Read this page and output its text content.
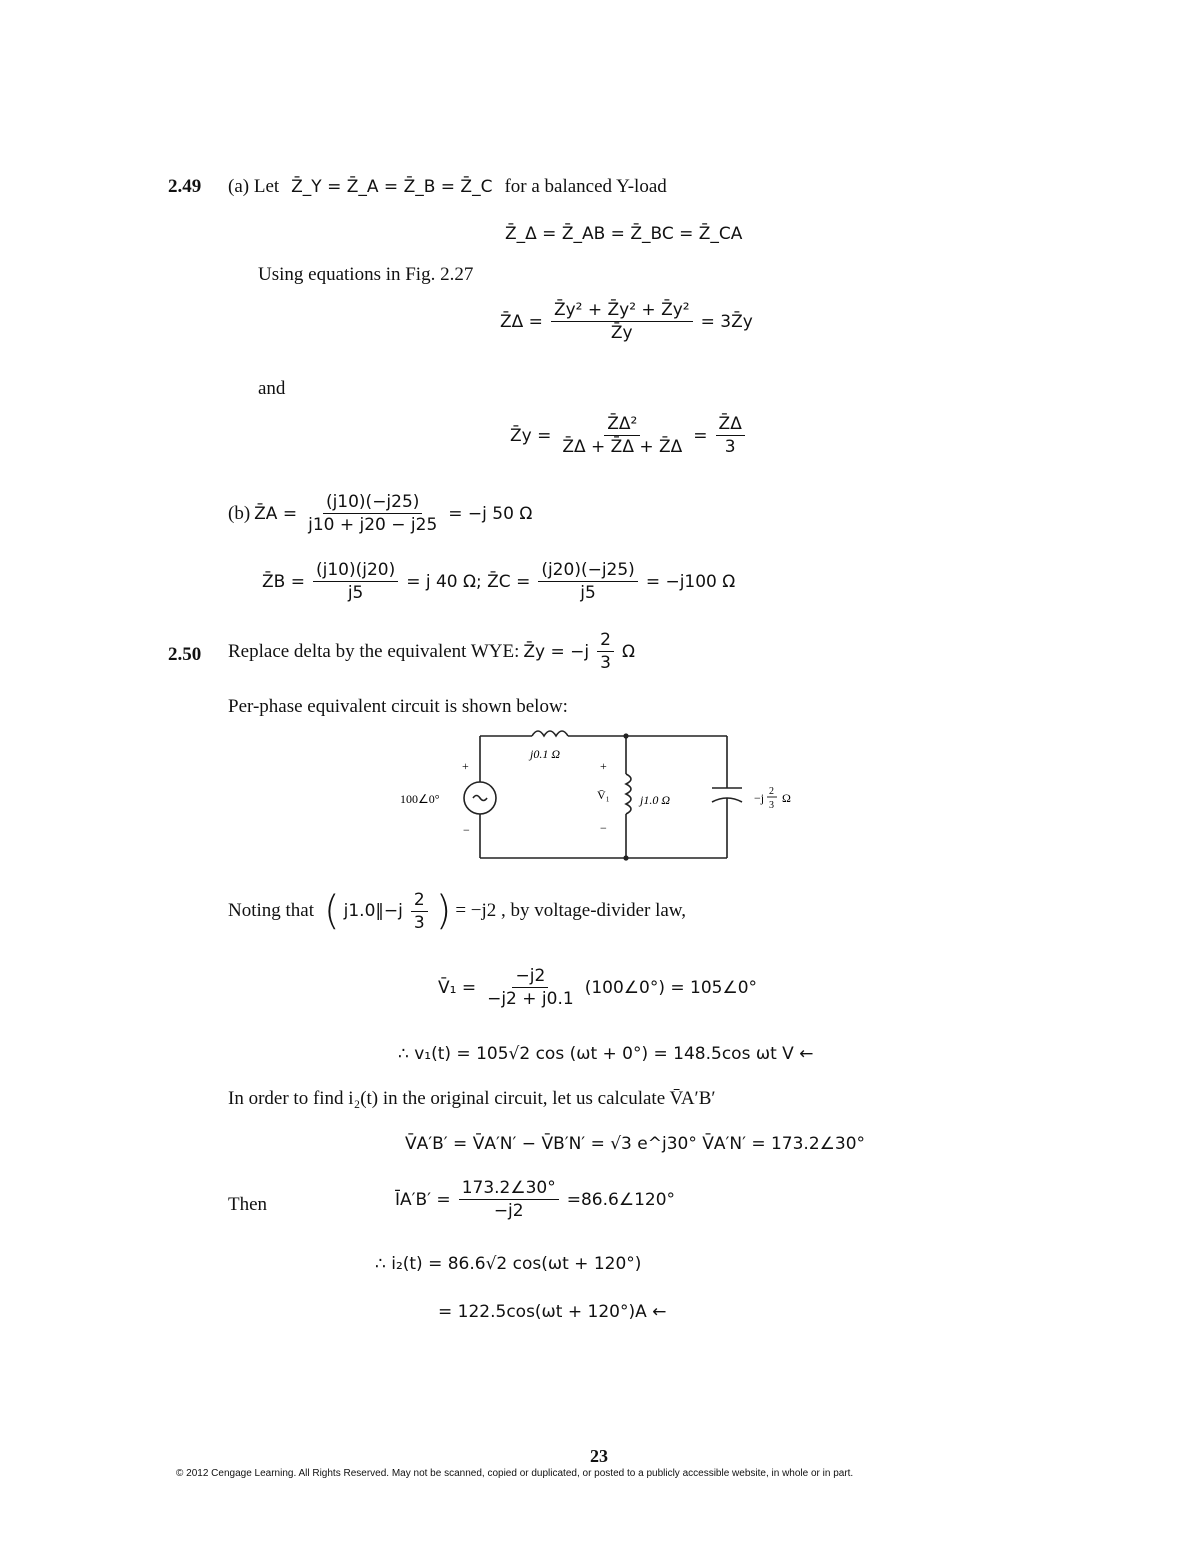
2.49 (a) Let Z̄_Y = Z̄_A = Z̄_B = Z̄_C for a balanced Y-load
Z̄_Δ = Z̄_AB = Z̄_BC = Z̄_CA
Using equations in Fig. 2.27
Z̄Δ = $\frac{\text{Z̄y² + Z̄y² + Z̄y²}}{Z̄y}$ = 3Z̄y
and
Z̄y = $\frac{\text{Z̄Δ²}}{Z̄\Delta + Z̄\Delta + Z̄\Delta} = \frac{Z̄\Delta}{3}$
(b) Z̄A = $\frac{(j10)(-j25)}{j10 + j20 - j25} = -j$ 50 Ω
Z̄B = $\frac{(j10)(j20)}{j5} = j$ 40 Ω; Z̄C = $\frac{(j20)(-j25)}{j5} = -j100$ Ω
2.50 Replace delta by the equivalent WYE: Z̄y = $-j \frac{2}{3}$ Ω
Per-phase equivalent circuit is shown below:
j0.1 Ω
100∠0°
+
−
+
V̄₁
−
j1.0 Ω	−j 2
3
Ω
Noting that ( j1.0‖−j $\frac{2}{3}$ ) = −j2 , by voltage-divider law,
V̄₁ = $\frac{-j2}{-j2 + j0.1}$ (100∠0°) = 105∠0°
∴ v₁(t) = 105√2 cos (ωt + 0°) = 148.5cos ωt V ←
In order to find i₂(t) in the original circuit, let us calculate V̄A′B′
V̄A′B′ = V̄A′N′ − V̄B′N′ = √3 e^j30° V̄A′N′ = 173.2∠30°
Then	ĪA′B′ = $\frac{173.2\angle 30^\circ}{-j2}$ =86.6∠120°
∴ i₂(t) = 86.6√2 cos(ωt + 120°)
= 122.5cos(ωt + 120°)A ←
23
© 2012 Cengage Learning. All Rights Reserved. May not be scanned, copied or duplicated, or posted to a publicly accessible website, in whole or in part.
